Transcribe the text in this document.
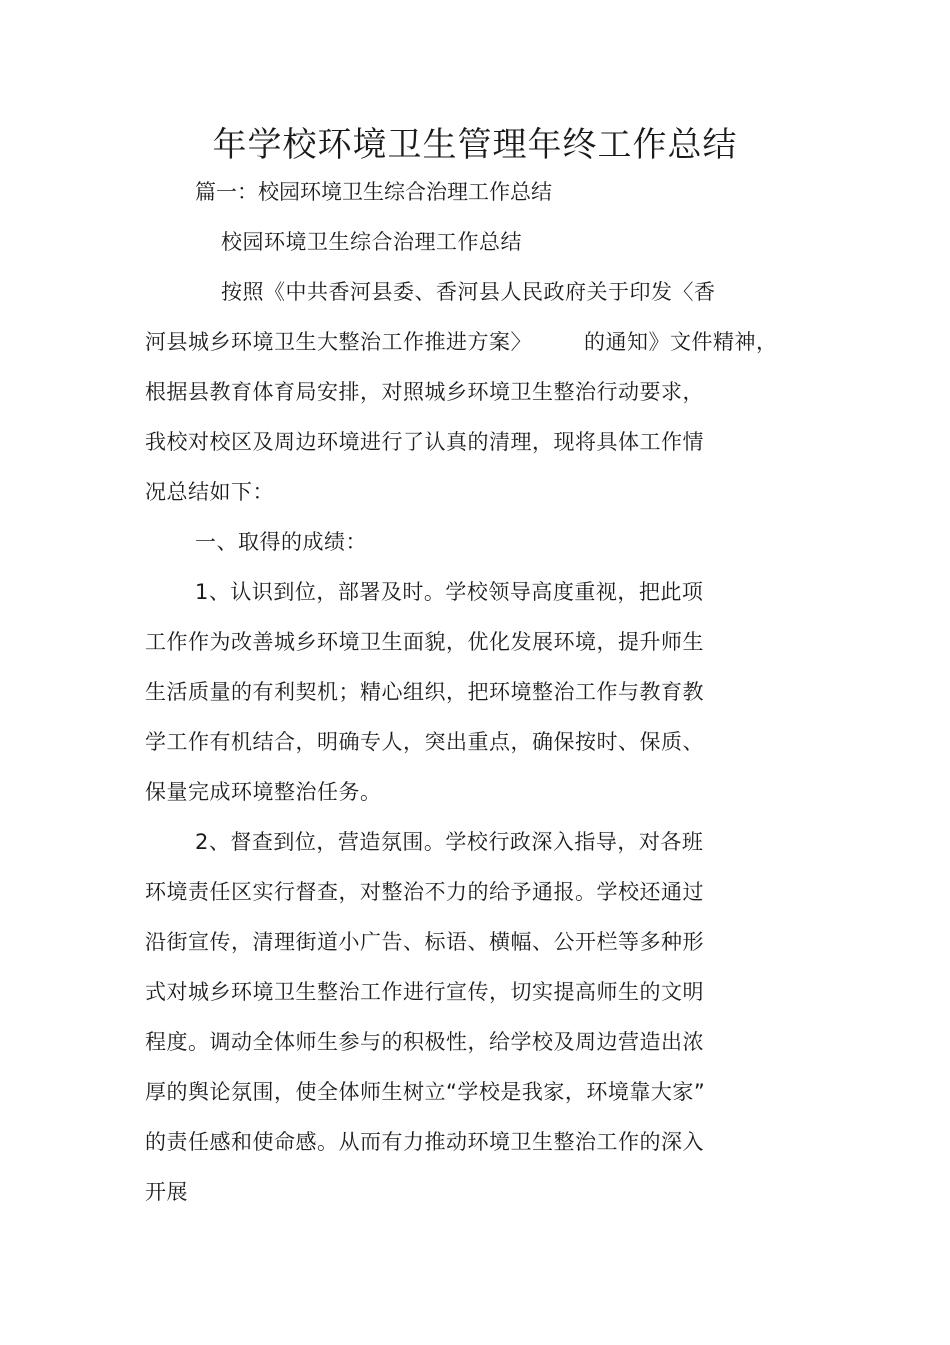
年学校环境卫生管理年终工作总结
篇一：校园环境卫生综合治理工作总结
校园环境卫生综合治理工作总结
按照《中共香河县委、香河县人民政府关于印发〈香
河县城乡环境卫生大整治工作推进方案〉 的通知》文件精神，
根据县教育体育局安排，对照城乡环境卫生整治行动要求，
我校对校区及周边环境进行了认真的清理，现将具体工作情
况总结如下：
一、取得的成绩：
1、认识到位，部署及时。学校领导高度重视，把此项
工作作为改善城乡环境卫生面貌，优化发展环境，提升师生
生活质量的有利契机；精心组织，把环境整治工作与教育教
学工作有机结合，明确专人，突出重点，确保按时、保质、
保量完成环境整治任务。
2、督查到位，营造氛围。学校行政深入指导，对各班
环境责任区实行督查，对整治不力的给予通报。学校还通过
沿街宣传，清理街道小广告、标语、横幅、公开栏等多种形
式对城乡环境卫生整治工作进行宣传，切实提高师生的文明
程度。调动全体师生参与的积极性，给学校及周边营造出浓
厚的舆论氛围，使全体师生树立“学校是我家，环境靠大家”
的责任感和使命感。从而有力推动环境卫生整治工作的深入
开展
